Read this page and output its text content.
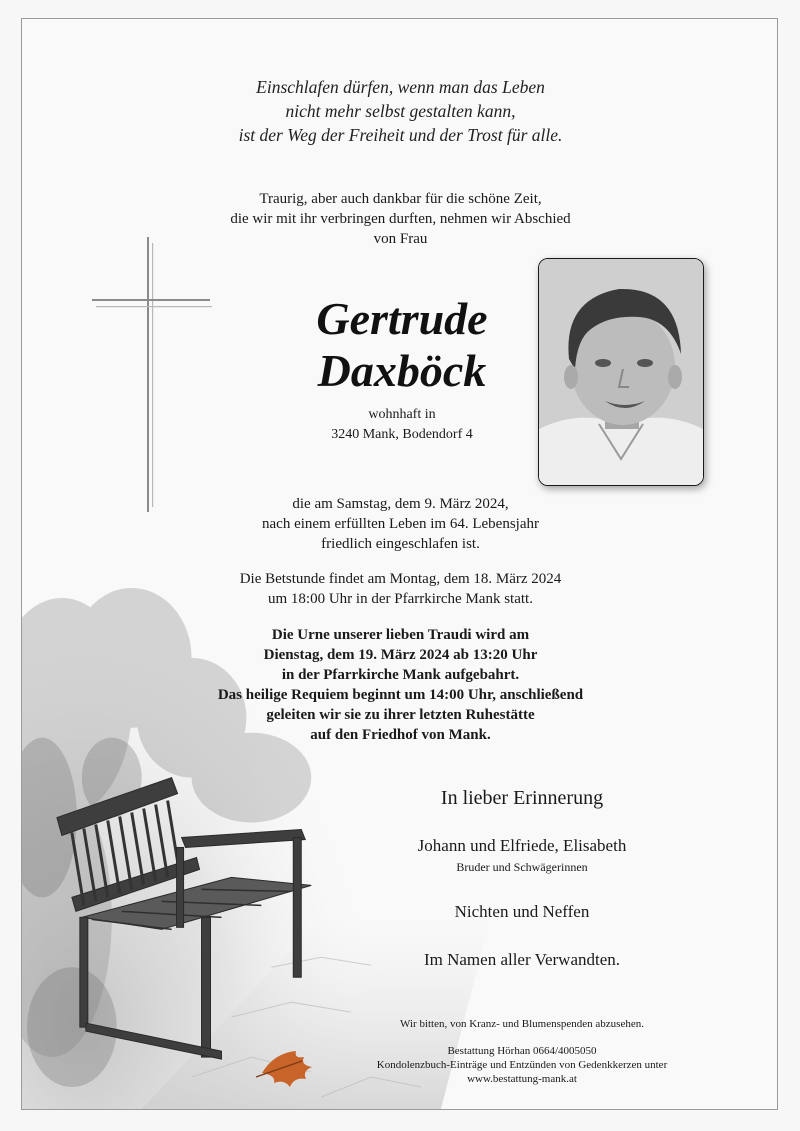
Einschlafen dürfen, wenn man das Leben
nicht mehr selbst gestalten kann,
ist der Weg der Freiheit und der Trost für alle.
Traurig, aber auch dankbar für die schöne Zeit,
die wir mit ihr verbringen durften, nehmen wir Abschied
von Frau
Gertrude
Daxböck
wohnhaft in
3240 Mank, Bodendorf 4
die am Samstag, dem 9. März 2024,
nach einem erfüllten Leben im 64. Lebensjahr
friedlich eingeschlafen ist.
Die Betstunde findet am Montag, dem 18. März 2024
um 18:00 Uhr in der Pfarrkirche Mank statt.
Die Urne unserer lieben Traudi wird am
Dienstag, dem 19. März 2024 ab 13:20 Uhr
in der Pfarrkirche Mank aufgebahrt.
Das heilige Requiem beginnt um 14:00 Uhr, anschließend
geleiten wir sie zu ihrer letzten Ruhestätte
auf den Friedhof von Mank.
In lieber Erinnerung
Johann und Elfriede, Elisabeth
Bruder und Schwägerinnen
Nichten und Neffen
Im Namen aller Verwandten.
Wir bitten, von Kranz- und Blumenspenden abzusehen.
Bestattung Hörhan 0664/4005050
Kondolenzbuch-Einträge und Entzünden von Gedenkkerzen unter
www.bestattung-mank.at
